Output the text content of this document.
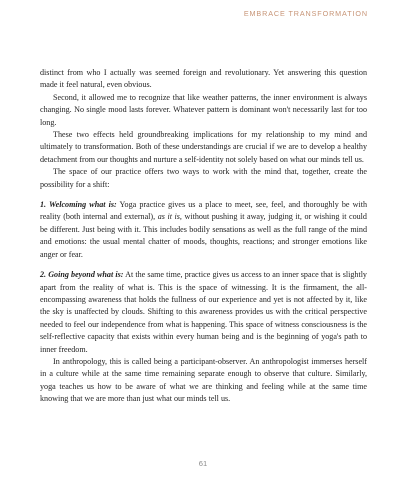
EMBRACE TRANSFORMATION

distinct from who I actually was seemed foreign and revolutionary. Yet answering this question made it feel natural, even obvious.

Second, it allowed me to recognize that like weather patterns, the inner environment is always changing. No single mood lasts forever. Whatever pattern is dominant won't necessarily last for too long.

These two effects held groundbreaking implications for my relationship to my mind and ultimately to transformation. Both of these understandings are crucial if we are to develop a healthy detachment from our thoughts and nurture a self-identity not solely based on what our minds tell us.

The space of our practice offers two ways to work with the mind that, together, create the possibility for a shift:

1. Welcoming what is: Yoga practice gives us a place to meet, see, feel, and thoroughly be with reality (both internal and external), as it is, without pushing it away, judging it, or wishing it could be different. Just being with it. This includes bodily sensations as well as the full range of the mind and emotions: the usual mental chatter of moods, thoughts, reactions; and stronger emotions like anger or fear.

2. Going beyond what is: At the same time, practice gives us access to an inner space that is slightly apart from the reality of what is. This is the space of witnessing. It is the firmament, the all-encompassing awareness that holds the fullness of our experience and yet is not affected by it, like the sky is unaffected by clouds. Shifting to this awareness provides us with the critical perspective needed to feel our independence from what is happening. This space of witness consciousness is the self-reflective capacity that exists within every human being and is the beginning of yoga's path to inner freedom.

In anthropology, this is called being a participant-observer. An anthropologist immerses herself in a culture while at the same time remaining separate enough to observe that culture. Similarly, yoga teaches us how to be aware of what we are thinking and feeling while at the same time knowing that we are more than just what our minds tell us.

61
